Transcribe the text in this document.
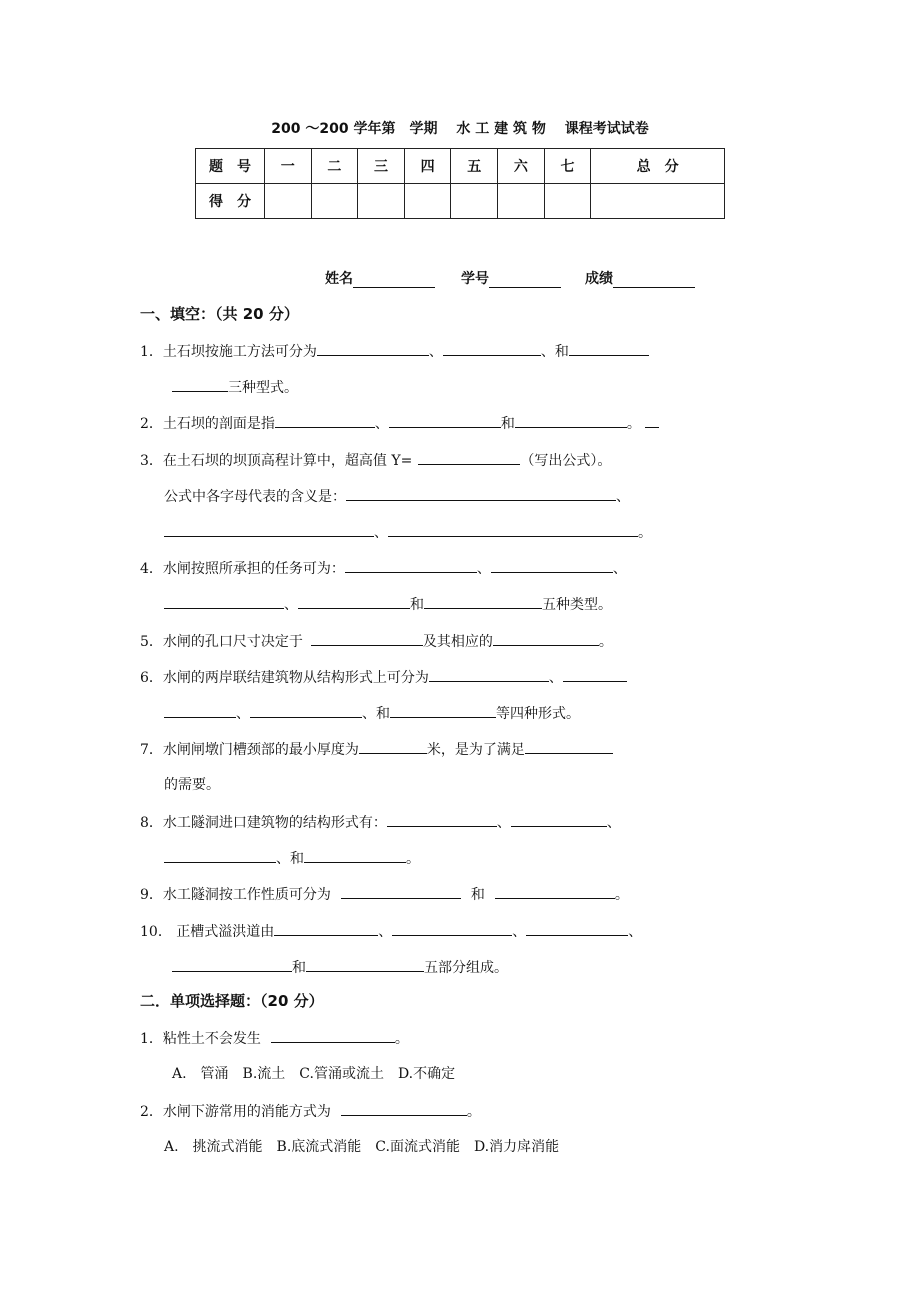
200 ～200 学年第　学期　 水 工 建 筑 物　 课程考试试卷
题　号	一	二	三	四	五	六	七	总　分
得　分								
姓名	学号	成绩
一、填空：（共 20 分）
1．土石坝按施工方法可分为	、	、和
三种型式。
2．土石坝的剖面是指	、	和	。
3．在土石坝的坝顶高程计算中，超高值 Y=	（写出公式）。
公式中各字母代表的含义是：	、
、	。
4．水闸按照所承担的任务可为：	、	、
、	和	五种类型。
5．水闸的孔口尺寸决定于	及其相应的	。
6．水闸的两岸联结建筑物从结构形式上可分为	、
、	、和	等四种形式。
7．水闸闸墩门槽颈部的最小厚度为	米，是为了满足
的需要。
8．水工隧洞进口建筑物的结构形式有：	、	、
、和	。
9．水工隧洞按工作性质可分为	和	。
10． 正槽式溢洪道由	、	、	、
和	五部分组成。
二．单项选择题：（20 分）
1．粘性土不会发生	。
A.　管涌　B.流土　C.管涌或流土　D.不确定
2．水闸下游常用的消能方式为	。
A.　挑流式消能　B.底流式消能　C.面流式消能　D.消力戽消能
